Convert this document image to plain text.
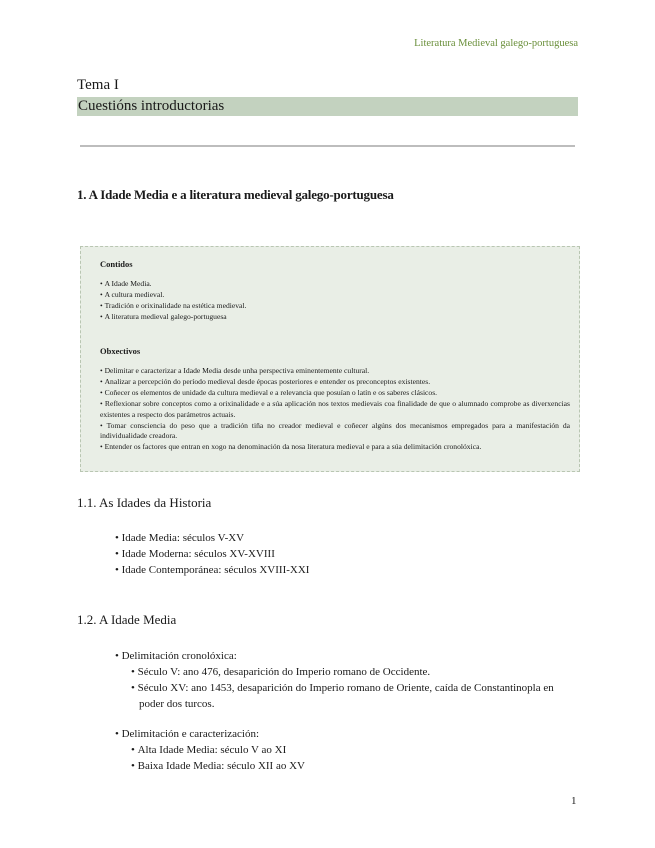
Literatura Medieval galego-portuguesa
Tema I
Cuestións introductorias
1. A Idade Media e a literatura medieval galego-portuguesa
Contidos
• A Idade Media.
• A cultura medieval.
• Tradición e orixinalidade na estética medieval.
• A literatura medieval galego-portuguesa
Obxectivos
• Delimitar e caracterizar a Idade Media desde unha perspectiva eminentemente cultural.
• Analizar a percepción do período medieval desde épocas posteriores e entender os preconceptos existentes.
• Coñecer os elementos de unidade da cultura medieval e a relevancia que posuían o latín e os saberes clásicos.
• Reflexionar sobre conceptos como a orixinalidade e a súa aplicación nos textos medievais coa finalidade de que o alumnado comprobe as diverxencias existentes a respecto dos parámetros actuais.
• Tomar consciencia do peso que a tradición tiña no creador medieval e coñecer algúns dos mecanismos empregados para a manifestación da individualidade creadora.
• Entender os factores que entran en xogo na denominación da nosa literatura medieval e para a súa delimitación cronolóxica.
1.1. As Idades da Historia
• Idade Media: séculos V-XV
• Idade Moderna: séculos XV-XVIII
• Idade Contemporánea: séculos XVIII-XXI
1.2. A Idade Media
• Delimitación cronolóxica:
• Século V: ano 476, desaparición do Imperio romano de Occidente.
• Século XV: ano 1453, desaparición do Imperio romano de Oriente, caída de Constantinopla en poder dos turcos.
• Delimitación e caracterización:
• Alta Idade Media: século V ao XI
• Baixa Idade Media: século XII ao XV
1
